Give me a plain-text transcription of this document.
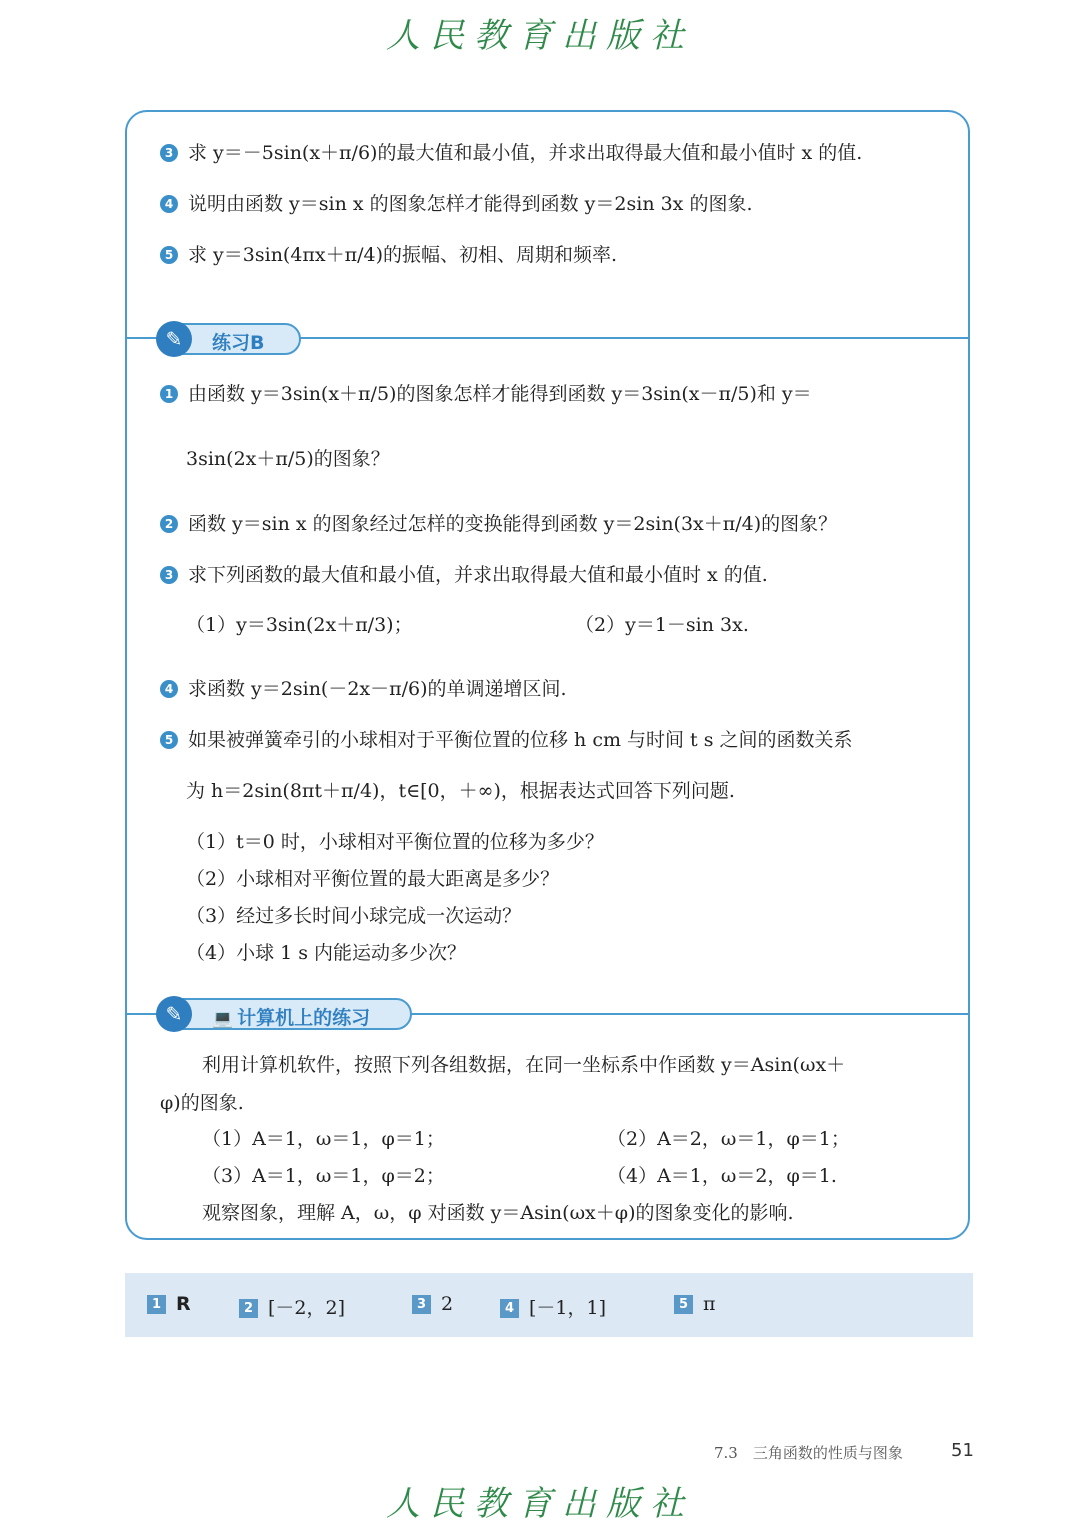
人民教育出版社
3 求 y＝－5sin(x＋π/6)的最大值和最小值，并求出取得最大值和最小值时 x 的值.
4 说明由函数 y＝sin x 的图象怎样才能得到函数 y＝2sin 3x 的图象.
5 求 y＝3sin(4πx＋π/4)的振幅、初相、周期和频率.
✎	练习B
1 由函数 y＝3sin(x＋π/5)的图象怎样才能得到函数 y＝3sin(x－π/5)和 y＝
3sin(2x＋π/5)的图象？
2 函数 y＝sin x 的图象经过怎样的变换能得到函数 y＝2sin(3x＋π/4)的图象？
3 求下列函数的最大值和最小值，并求出取得最大值和最小值时 x 的值.
（1）y＝3sin(2x＋π/3)；	（2）y＝1－sin 3x.
4 求函数 y＝2sin(－2x－π/6)的单调递增区间.
5 如果被弹簧牵引的小球相对于平衡位置的位移 h cm 与时间 t s 之间的函数关系
为 h＝2sin(8πt＋π/4)，t∈[0，＋∞)，根据表达式回答下列问题.
（1）t＝0 时，小球相对平衡位置的位移为多少？
（2）小球相对平衡位置的最大距离是多少？
（3）经过多长时间小球完成一次运动？
（4）小球 1 s 内能运动多少次？
✎	💻 计算机上的练习
利用计算机软件，按照下列各组数据，在同一坐标系中作函数 y＝Asin(ωx＋
φ)的图象.
（1）A＝1，ω＝1，φ＝1；	（2）A＝2，ω＝1，φ＝1；
（3）A＝1，ω＝1，φ＝2；	（4）A＝1，ω＝2，φ＝1.
观察图象，理解 A，ω，φ 对函数 y＝Asin(ωx＋φ)的图象变化的影响.
1 R	2 [－2，2]	3 2	4 [－1，1]	5 π
7.3　三角函数的性质与图象	51
人民教育出版社
